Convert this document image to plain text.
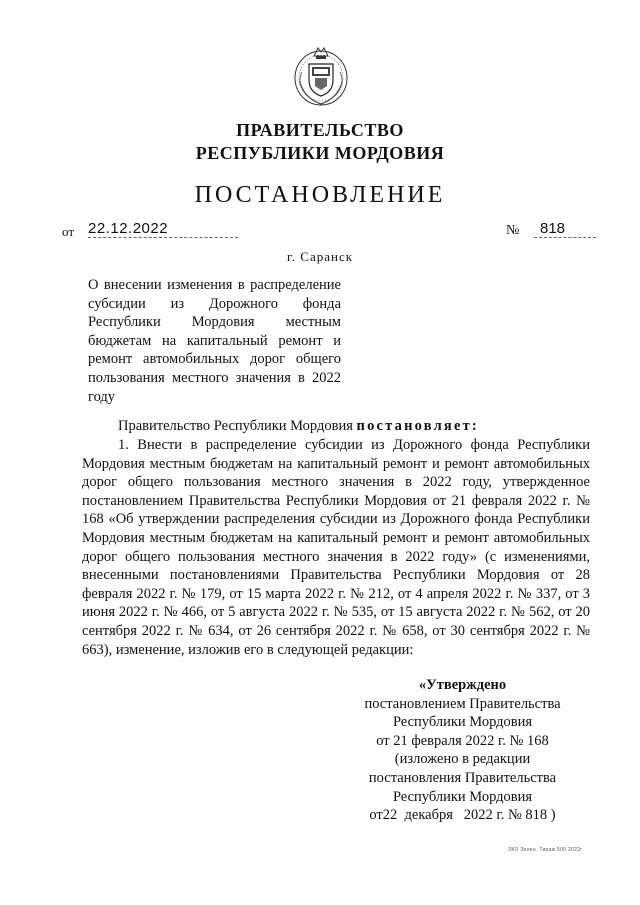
ПРАВИТЕЛЬСТВО
РЕСПУБЛИКИ МОРДОВИЯ
ПОСТАНОВЛЕНИЕ
от 22.12.2022	№	818
г. Саранск
О внесении изменения в распределение субсидии из Дорожного фонда Республики Мордовия местным бюджетам на капитальный ремонт и ремонт автомобильных дорог общего пользования местного значения в 2022 году
Правительство Республики Мордовия постановляет:
1. Внести в распределение субсидии из Дорожного фонда Республики Мордовия местным бюджетам на капитальный ремонт и ремонт автомобильных дорог общего пользования местного значения в 2022 году, утвержденное постановлением Правительства Республики Мордовия от 21 февраля 2022 г. № 168 «Об утверждении распределения субсидии из Дорожного фонда Республики Мордовия местным бюджетам на капитальный ремонт и ремонт автомобильных дорог общего пользования местного значения в 2022 году» (с изменениями, внесенными постановлениями Правительства Республики Мордовия от 28 февраля 2022 г. № 179, от 15 марта 2022 г. № 212, от 4 апреля 2022 г. № 337, от 3 июня 2022 г. № 466, от 5 августа 2022 г. № 535, от 15 августа 2022 г. № 562, от 20 сентября 2022 г. № 634, от 26 сентября 2022 г. № 658, от 30 сентября 2022 г. № 663), изменение, изложив его в следующей редакции:
«Утверждено
постановлением Правительства
Республики Мордовия
от 21 февраля 2022 г. № 168
(изложено в редакции
постановления Правительства
Республики Мордовия
от22  декабря   2022 г. № 818 )
ЗКО Зелен. Тираж 500 2022г
